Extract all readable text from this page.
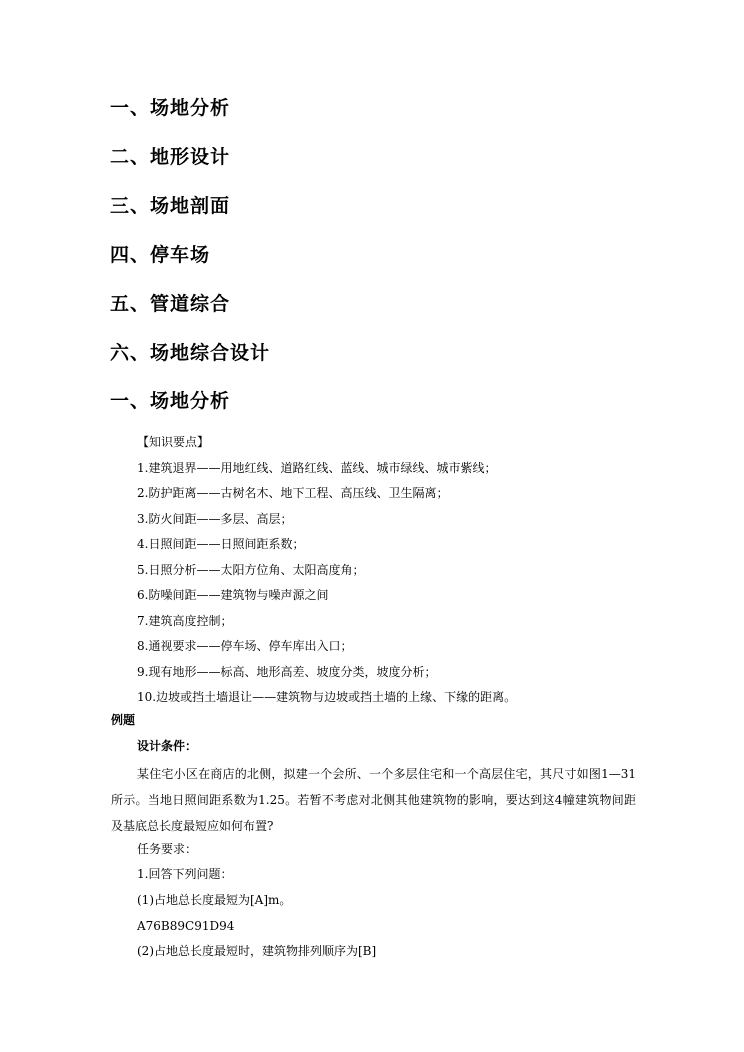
一、场地分析
二、地形设计
三、场地剖面
四、停车场
五、管道综合
六、场地综合设计
一、场地分析
【知识要点】
1.建筑退界——用地红线、道路红线、蓝线、城市绿线、城市紫线；
2.防护距离——古树名木、地下工程、高压线、卫生隔离；
3.防火间距——多层、高层；
4.日照间距——日照间距系数；
5.日照分析——太阳方位角、太阳高度角；
6.防噪间距——建筑物与噪声源之间
7.建筑高度控制；
8.通视要求——停车场、停车库出入口；
9.现有地形——标高、地形高差、坡度分类，坡度分析；
10.边坡或挡土墙退让——建筑物与边坡或挡土墙的上缘、下缘的距离。
例题
设计条件：
某住宅小区在商店的北侧，拟建一个会所、一个多层住宅和一个高层住宅，其尺寸如图1—31所示。当地日照间距系数为1.25。若暂不考虑对北侧其他建筑物的影响，要达到这4幢建筑物间距及基底总长度最短应如何布置?
任务要求：
1.回答下列问题：
(1)占地总长度最短为[A]m。
A76B89C91D94
(2)占地总长度最短时，建筑物排列顺序为[B]
